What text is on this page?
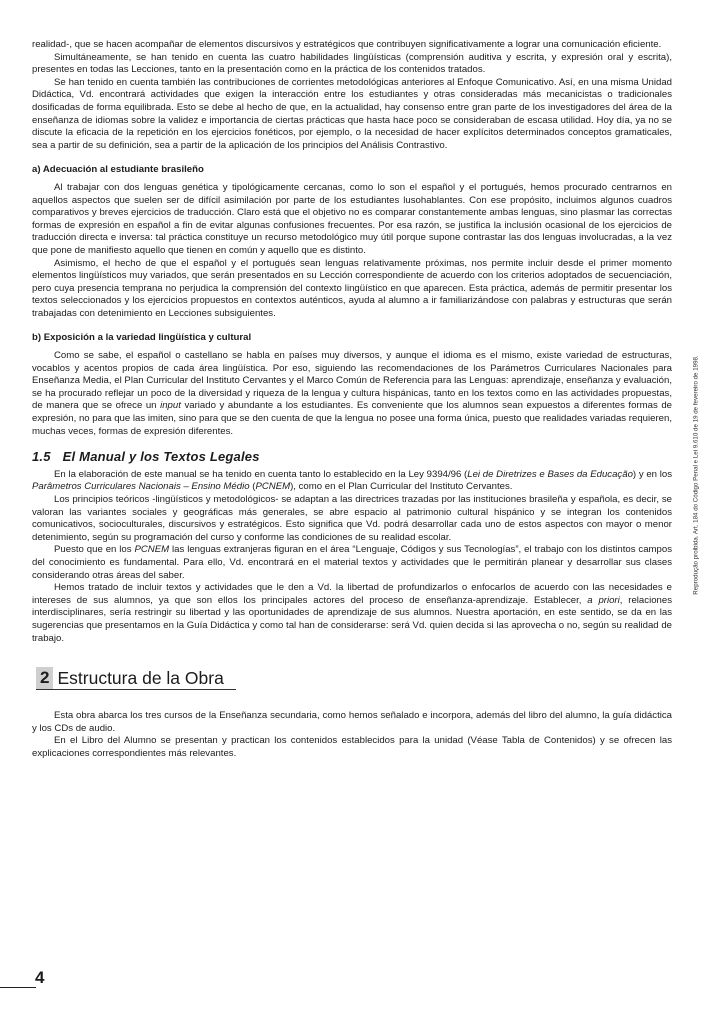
realidad-, que se hacen acompañar de elementos discursivos y estratégicos que contribuyen significativamente a lograr una comunicación eficiente.

Simultáneamente, se han tenido en cuenta las cuatro habilidades lingüísticas (comprensión auditiva y escrita, y expresión oral y escrita), presentes en todas las Lecciones, tanto en la presentación como en la práctica de los contenidos tratados.

Se han tenido en cuenta también las contribuciones de corrientes metodológicas anteriores al Enfoque Comunicativo. Así, en una misma Unidad Didáctica, Vd. encontrará actividades que exigen la interacción entre los estudiantes y otras consideradas más mecanicistas o tradicionales dosificadas de forma equilibrada. Esto se debe al hecho de que, en la actualidad, hay consenso entre gran parte de los investigadores del área de la enseñanza de idiomas sobre la validez e importancia de ciertas prácticas que hasta hace poco se consideraban de escasa utilidad. Hoy día, ya no se discute la eficacia de la repetición en los ejercicios fonéticos, por ejemplo, o la necesidad de hacer explícitos determinados conceptos gramaticales, sea a partir de su definición, sea a partir de la aplicación de los principios del Análisis Contrastivo.

a) Adecuación al estudiante brasileño

Al trabajar con dos lenguas genética y tipológicamente cercanas, como lo son el español y el portugués, hemos procurado centrarnos en aquellos aspectos que suelen ser de difícil asimilación por parte de los estudiantes lusohablantes. Con ese propósito, incluimos algunos cuadros comparativos y breves ejercicios de traducción. Claro está que el objetivo no es comparar constantemente ambas lenguas, sino plasmar las correctas formas de expresión en español a fin de evitar algunas confusiones frecuentes. Por esa razón, se justifica la inclusión ocasional de los ejercicios de traducción directa e inversa: tal práctica constituye un recurso metodológico muy útil porque supone contrastar las dos lenguas involucradas, a la vez que pone de manifiesto aquello que tienen en común y aquello que es distinto.

Asimismo, el hecho de que el español y el portugués sean lenguas relativamente próximas, nos permite incluir desde el primer momento elementos lingüísticos muy variados, que serán presentados en su Lección correspondiente de acuerdo con los criterios adoptados de secuenciación, pero cuya presencia temprana no perjudica la comprensión del contexto lingüístico en que aparecen. Esta práctica, además de permitir presentar los textos seleccionados y los ejercicios propuestos en contextos auténticos, ayuda al alumno a ir familiarizándose con palabras y estructuras que serán trabajadas con detenimiento en Lecciones subsiguientes.

b) Exposición a la variedad lingüística y cultural

Como se sabe, el español o castellano se habla en países muy diversos, y aunque el idioma es el mismo, existe variedad de estructuras, vocablos y acentos propios de cada área lingüística. Por eso, siguiendo las recomendaciones de los Parámetros Curriculares Nacionales para Enseñanza Media, el Plan Curricular del Instituto Cervantes y el Marco Común de Referencia para las Lenguas: aprendizaje, enseñanza y evaluación, se ha procurado reflejar un poco de la diversidad y riqueza de la lengua y cultura hispánicas, tanto en los textos como en las actividades propuestas, de manera que se ofrece un input variado y abundante a los estudiantes. Es conveniente que los alumnos sean expuestos a diferentes formas de expresión, no para que las imiten, sino para que se den cuenta de que la lengua no posee una forma única, puesto que realidades variadas requieren, muchas veces, formas de expresión diferentes.

1.5 El Manual y los Textos Legales

En la elaboración de este manual se ha tenido en cuenta tanto lo establecido en la Ley 9394/96 (Lei de Diretrizes e Bases da Educação) y en los Parâmetros Curriculares Nacionais – Ensino Médio (PCNEM), como en el Plan Curricular del Instituto Cervantes.

Los principios teóricos -lingüísticos y metodológicos- se adaptan a las directrices trazadas por las instituciones brasileña y española, es decir, se valoran las variantes sociales y geográficas más generales, se abre espacio al patrimonio cultural hispánico y se integran los contenidos comunicativos, socioculturales, discursivos y estratégicos. Esto significa que Vd. podrá desarrollar cada uno de estos aspectos con mayor o menor detenimiento, según su programación del curso y conforme las condiciones de su realidad escolar.

Puesto que en los PCNEM las lenguas extranjeras figuran en el área “Lenguaje, Códigos y sus Tecnologías”, el trabajo con los distintos campos del conocimiento es fundamental. Para ello, Vd. encontrará en el material textos y actividades que le permitirán planear y desarrollar sus clases considerando otras áreas del saber.

Hemos tratado de incluir textos y actividades que le den a Vd. la libertad de profundizarlos o enfocarlos de acuerdo con las necesidades e intereses de sus alumnos, ya que son ellos los principales actores del proceso de enseñanza-aprendizaje. Establecer, a priori, relaciones interdisciplinares, sería restringir su libertad y las oportunidades de aprendizaje de sus alumnos. Nuestra aportación, en este sentido, se da en las sugerencias que presentamos en la Guía Didáctica y como tal han de considerarse: será Vd. quien decida si las aprovecha o no, según su realidad de trabajo.

2 Estructura de la Obra

Esta obra abarca los tres cursos de la Enseñanza secundaria, como hemos señalado e incorpora, además del libro del alumno, la guía didáctica y los CDs de audio.

En el Libro del Alumno se presentan y practican los contenidos establecidos para la unidad (Véase Tabla de Contenidos) y se ofrecen las explicaciones correspondientes más relevantes.

Reprodução proibida. Art. 184 do Código Penal e Lei 9.610 de 19 de fevereiro de 1998.
4
